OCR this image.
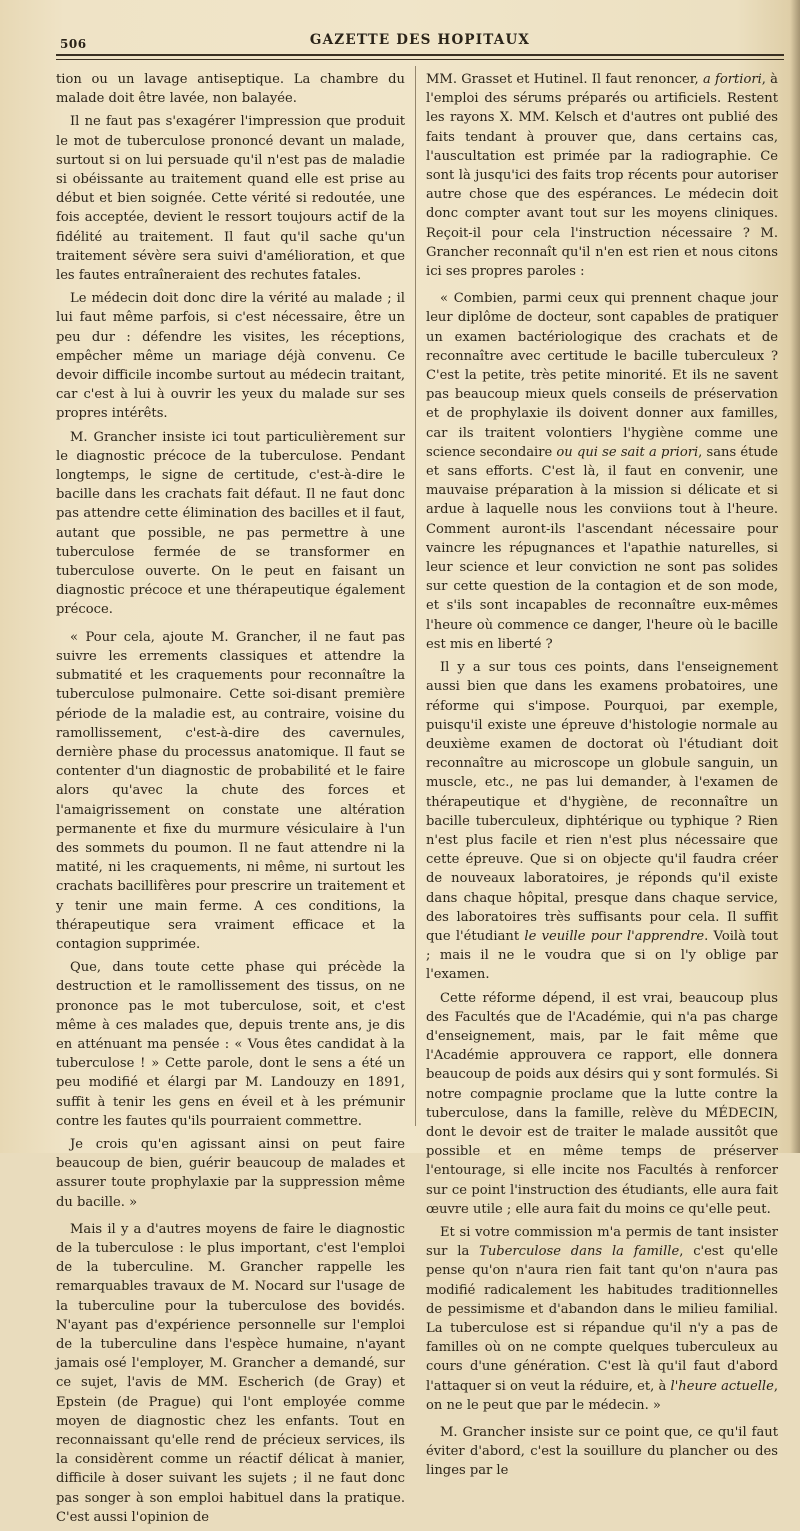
506	GAZETTE DES HOPITAUX

tion ou un lavage antiseptique. La chambre du malade doit être lavée, non balayée.

Il ne faut pas s'exagérer l'impression que produit le mot de tuberculose prononcé devant un malade, surtout si on lui persuade qu'il n'est pas de maladie si obéissante au traitement quand elle est prise au début et bien soignée. Cette vérité si redoutée, une fois acceptée, devient le ressort toujours actif de la fidélité au traitement. Il faut qu'il sache qu'un traitement sévère sera suivi d'amélioration, et que les fautes entraîneraient des rechutes fatales.

Le médecin doit donc dire la vérité au malade ; il lui faut même parfois, si c'est nécessaire, être un peu dur : défendre les visites, les réceptions, empêcher même un mariage déjà convenu. Ce devoir difficile incombe surtout au médecin traitant, car c'est à lui à ouvrir les yeux du malade sur ses propres intérêts.

M. Grancher insiste ici tout particulièrement sur le diagnostic précoce de la tuberculose. Pendant longtemps, le signe de certitude, c'est-à-dire le bacille dans les crachats fait défaut. Il ne faut donc pas attendre cette élimination des bacilles et il faut, autant que possible, ne pas permettre à une tuberculose fermée de se transformer en tuberculose ouverte. On le peut en faisant un diagnostic précoce et une thérapeutique également précoce.

« Pour cela, ajoute M. Grancher, il ne faut pas suivre les errements classiques et attendre la submatité et les craquements pour reconnaître la tuberculose pulmonaire. Cette soi-disant première période de la maladie est, au contraire, voisine du ramollissement, c'est-à-dire des cavernules, dernière phase du processus anatomique. Il faut se contenter d'un diagnostic de probabilité et le faire alors qu'avec la chute des forces et l'amaigrissement on constate une altération permanente et fixe du murmure vésiculaire à l'un des sommets du poumon. Il ne faut attendre ni la matité, ni les craquements, ni même, ni surtout les crachats bacillifères pour prescrire un traitement et y tenir une main ferme. A ces conditions, la thérapeutique sera vraiment efficace et la contagion supprimée.

Que, dans toute cette phase qui précède la destruction et le ramollissement des tissus, on ne prononce pas le mot tuberculose, soit, et c'est même à ces malades que, depuis trente ans, je dis en atténuant ma pensée : « Vous êtes candidat à la tuberculose ! » Cette parole, dont le sens a été un peu modifié et élargi par M. Landouzy en 1891, suffit à tenir les gens en éveil et à les prémunir contre les fautes qu'ils pourraient commettre.

Je crois qu'en agissant ainsi on peut faire beaucoup de bien, guérir beaucoup de malades et assurer toute prophylaxie par la suppression même du bacille. »

Mais il y a d'autres moyens de faire le diagnostic de la tuberculose : le plus important, c'est l'emploi de la tuberculine. M. Grancher rappelle les remarquables travaux de M. Nocard sur l'usage de la tuberculine pour la tuberculose des bovidés. N'ayant pas d'expérience personnelle sur l'emploi de la tuberculine dans l'espèce humaine, n'ayant jamais osé l'employer, M. Grancher a demandé, sur ce sujet, l'avis de MM. Escherich (de Gray) et Epstein (de Prague) qui l'ont employée comme moyen de diagnostic chez les enfants. Tout en reconnaissant qu'elle rend de précieux services, ils la considèrent comme un réactif délicat à manier, difficile à doser suivant les sujets ; il ne faut donc pas songer à son emploi habituel dans la pratique. C'est aussi l'opinion de

MM. Grasset et Hutinel. Il faut renoncer, a fortiori, à l'emploi des sérums préparés ou artificiels. Restent les rayons X. MM. Kelsch et d'autres ont publié des faits tendant à prouver que, dans certains cas, l'auscultation est primée par la radiographie. Ce sont là jusqu'ici des faits trop récents pour autoriser autre chose que des espérances. Le médecin doit donc compter avant tout sur les moyens cliniques. Reçoit-il pour cela l'instruction nécessaire ? M. Grancher reconnaît qu'il n'en est rien et nous citons ici ses propres paroles :

« Combien, parmi ceux qui prennent chaque jour leur diplôme de docteur, sont capables de pratiquer un examen bactériologique des crachats et de reconnaître avec certitude le bacille tuberculeux ? C'est la petite, très petite minorité. Et ils ne savent pas beaucoup mieux quels conseils de préservation et de prophylaxie ils doivent donner aux familles, car ils traitent volontiers l'hygiène comme une science secondaire ou qui se sait a priori, sans étude et sans efforts. C'est là, il faut en convenir, une mauvaise préparation à la mission si délicate et si ardue à laquelle nous les conviions tout à l'heure. Comment auront-ils l'ascendant nécessaire pour vaincre les répugnances et l'apathie naturelles, si leur science et leur conviction ne sont pas solides sur cette question de la contagion et de son mode, et s'ils sont incapables de reconnaître eux-mêmes l'heure où commence ce danger, l'heure où le bacille est mis en liberté ?

Il y a sur tous ces points, dans l'enseignement aussi bien que dans les examens probatoires, une réforme qui s'impose. Pourquoi, par exemple, puisqu'il existe une épreuve d'histologie normale au deuxième examen de doctorat où l'étudiant doit reconnaître au microscope un globule sanguin, un muscle, etc., ne pas lui demander, à l'examen de thérapeutique et d'hygiène, de reconnaître un bacille tuberculeux, diphtérique ou typhique ? Rien n'est plus facile et rien n'est plus nécessaire que cette épreuve. Que si on objecte qu'il faudra créer de nouveaux laboratoires, je réponds qu'il existe dans chaque hôpital, presque dans chaque service, des laboratoires très suffisants pour cela. Il suffit que l'étudiant le veuille pour l'apprendre. Voilà tout ; mais il ne le voudra que si on l'y oblige par l'examen.

Cette réforme dépend, il est vrai, beaucoup plus des Facultés que de l'Académie, qui n'a pas charge d'enseignement, mais, par le fait même que l'Académie approuvera ce rapport, elle donnera beaucoup de poids aux désirs qui y sont formulés. Si notre compagnie proclame que la lutte contre la tuberculose, dans la famille, relève du MÉDECIN, dont le devoir est de traiter le malade aussitôt que possible et en même temps de préserver l'entourage, si elle incite nos Facultés à renforcer sur ce point l'instruction des étudiants, elle aura fait œuvre utile ; elle aura fait du moins ce qu'elle peut.

Et si votre commission m'a permis de tant insister sur la Tuberculose dans la famille, c'est qu'elle pense qu'on n'aura rien fait tant qu'on n'aura pas modifié radicalement les habitudes traditionnelles de pessimisme et d'abandon dans le milieu familial. La tuberculose est si répandue qu'il n'y a pas de familles où on ne compte quelques tuberculeux au cours d'une génération. C'est là qu'il faut d'abord l'attaquer si on veut la réduire, et, à l'heure actuelle, on ne le peut que par le médecin. »

M. Grancher insiste sur ce point que, ce qu'il faut éviter d'abord, c'est la souillure du plancher ou des linges par le
